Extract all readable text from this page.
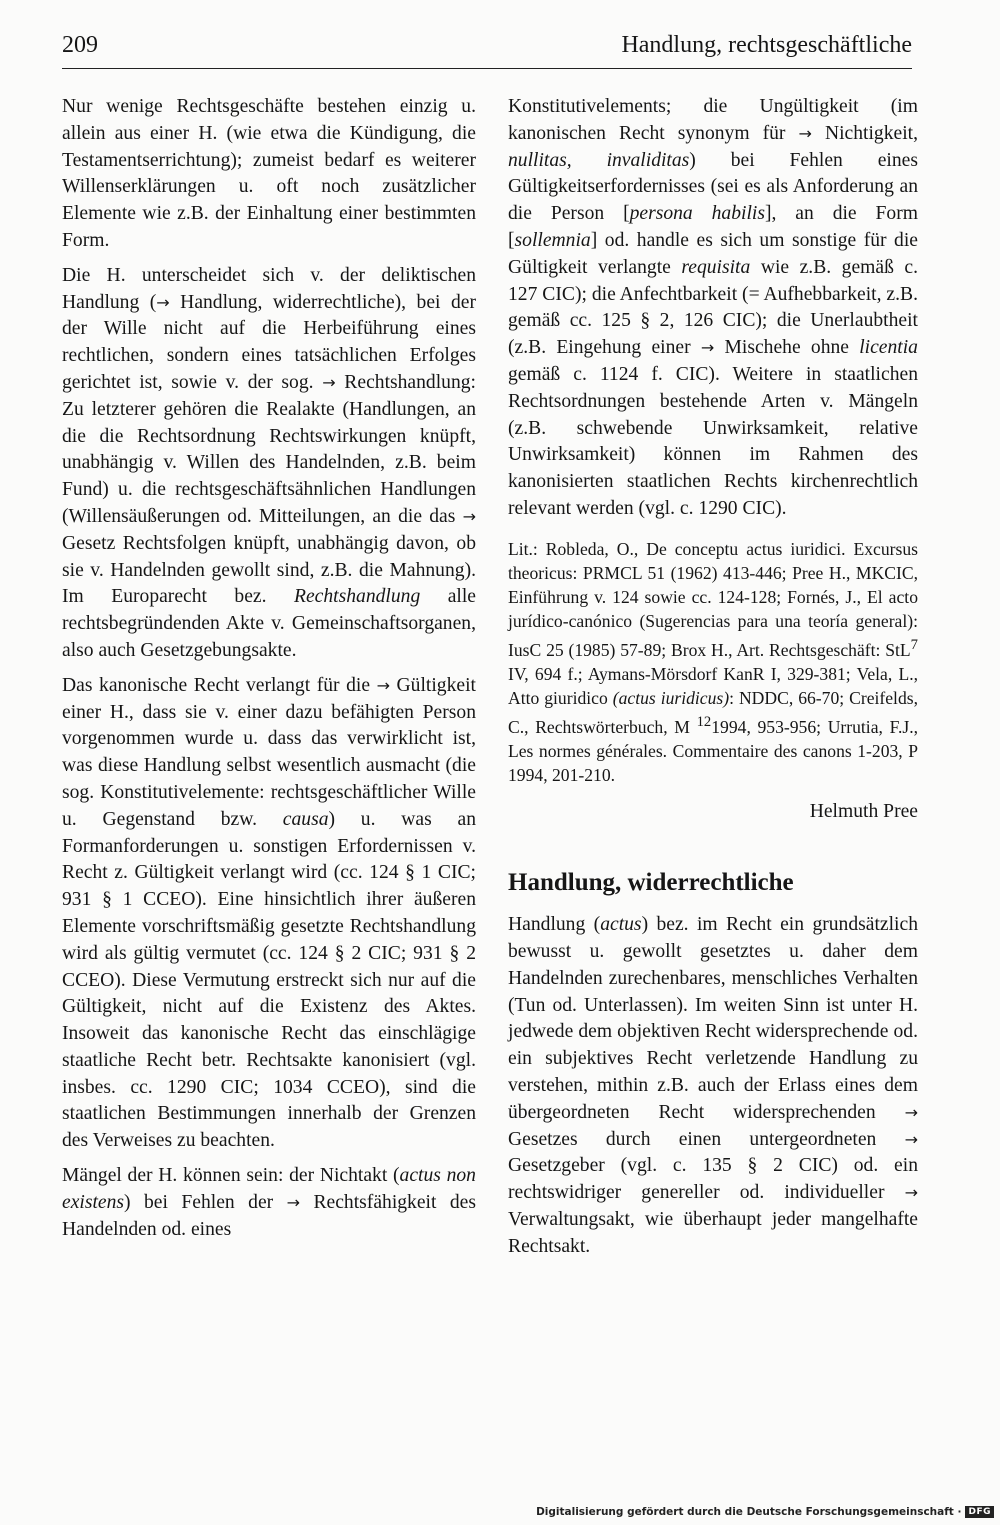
209	Handlung, rechtsgeschäftliche

Nur wenige Rechtsgeschäfte bestehen einzig u. allein aus einer H. (wie etwa die Kündigung, die Testamentserrichtung); zumeist bedarf es weiterer Willenserklärungen u. oft noch zusätzlicher Elemente wie z.B. der Einhaltung einer bestimmten Form.

Die H. unterscheidet sich v. der deliktischen Handlung (→ Handlung, widerrechtliche), bei der der Wille nicht auf die Herbeiführung eines rechtlichen, sondern eines tatsächlichen Erfolges gerichtet ist, sowie v. der sog. → Rechtshandlung: Zu letzterer gehören die Realakte (Handlungen, an die die Rechtsordnung Rechtswirkungen knüpft, unabhängig v. Willen des Handelnden, z.B. beim Fund) u. die rechtsgeschäftsähnlichen Handlungen (Willensäußerungen od. Mitteilungen, an die das → Gesetz Rechtsfolgen knüpft, unabhängig davon, ob sie v. Handelnden gewollt sind, z.B. die Mahnung). Im Europarecht bez. Rechtshandlung alle rechtsbegründenden Akte v. Gemeinschaftsorganen, also auch Gesetzgebungsakte.

Das kanonische Recht verlangt für die → Gültigkeit einer H., dass sie v. einer dazu befähigten Person vorgenommen wurde u. dass das verwirklicht ist, was diese Handlung selbst wesentlich ausmacht (die sog. Konstitutivelemente: rechtsgeschäftlicher Wille u. Gegenstand bzw. causa) u. was an Formanforderungen u. sonstigen Erfordernissen v. Recht z. Gültigkeit verlangt wird (cc. 124 § 1 CIC; 931 § 1 CCEO). Eine hinsichtlich ihrer äußeren Elemente vorschriftsmäßig gesetzte Rechtshandlung wird als gültig vermutet (cc. 124 § 2 CIC; 931 § 2 CCEO). Diese Vermutung erstreckt sich nur auf die Gültigkeit, nicht auf die Existenz des Aktes. Insoweit das kanonische Recht das einschlägige staatliche Recht betr. Rechtsakte kanonisiert (vgl. insbes. cc. 1290 CIC; 1034 CCEO), sind die staatlichen Bestimmungen innerhalb der Grenzen des Verweises zu beachten.

Mängel der H. können sein: der Nichtakt (actus non existens) bei Fehlen der → Rechtsfähigkeit des Handelnden od. eines

Konstitutivelements; die Ungültigkeit (im kanonischen Recht synonym für → Nichtigkeit, nullitas, invaliditas) bei Fehlen eines Gültigkeitserfordernisses (sei es als Anforderung an die Person [persona habilis], an die Form [sollemnia] od. handle es sich um sonstige für die Gültigkeit verlangte requisita wie z.B. gemäß c. 127 CIC); die Anfechtbarkeit (= Aufhebbarkeit, z.B. gemäß cc. 125 § 2, 126 CIC); die Unerlaubtheit (z.B. Eingehung einer → Mischehe ohne licentia gemäß c. 1124 f. CIC). Weitere in staatlichen Rechtsordnungen bestehende Arten v. Mängeln (z.B. schwebende Unwirksamkeit, relative Unwirksamkeit) können im Rahmen des kanonisierten staatlichen Rechts kirchenrechtlich relevant werden (vgl. c. 1290 CIC).

Lit.: Robleda, O., De conceptu actus iuridici. Excursus theoricus: PRMCL 51 (1962) 413-446; Pree H., MKCIC, Einführung v. 124 sowie cc. 124-128; Fornés, J., El acto jurídico-canónico (Sugerencias para una teoría general): IusC 25 (1985) 57-89; Brox H., Art. Rechtsgeschäft: StL$^7$ IV, 694 f.; Aymans-Mörsdorf KanR I, 329-381; Vela, L., Atto giuridico (actus iuridicus): NDDC, 66-70; Creifelds, C., Rechtswörterbuch, M $^{12}$1994, 953-956; Urrutia, F.J., Les normes générales. Commentaire des canons 1-203, P 1994, 201-210.

Helmuth Pree

Handlung, widerrechtliche

Handlung (actus) bez. im Recht ein grundsätzlich bewusst u. gewollt gesetztes u. daher dem Handelnden zurechenbares, menschliches Verhalten (Tun od. Unterlassen). Im weiten Sinn ist unter H. jedwede dem objektiven Recht widersprechende od. ein subjektives Recht verletzende Handlung zu verstehen, mithin z.B. auch der Erlass eines dem übergeordneten Recht widersprechenden → Gesetzes durch einen untergeordneten → Gesetzgeber (vgl. c. 135 § 2 CIC) od. ein rechtswidriger genereller od. individueller → Verwaltungsakt, wie überhaupt jeder mangelhafte Rechtsakt.

Digitalisierung gefördert durch die Deutsche Forschungsgemeinschaft · DFG
